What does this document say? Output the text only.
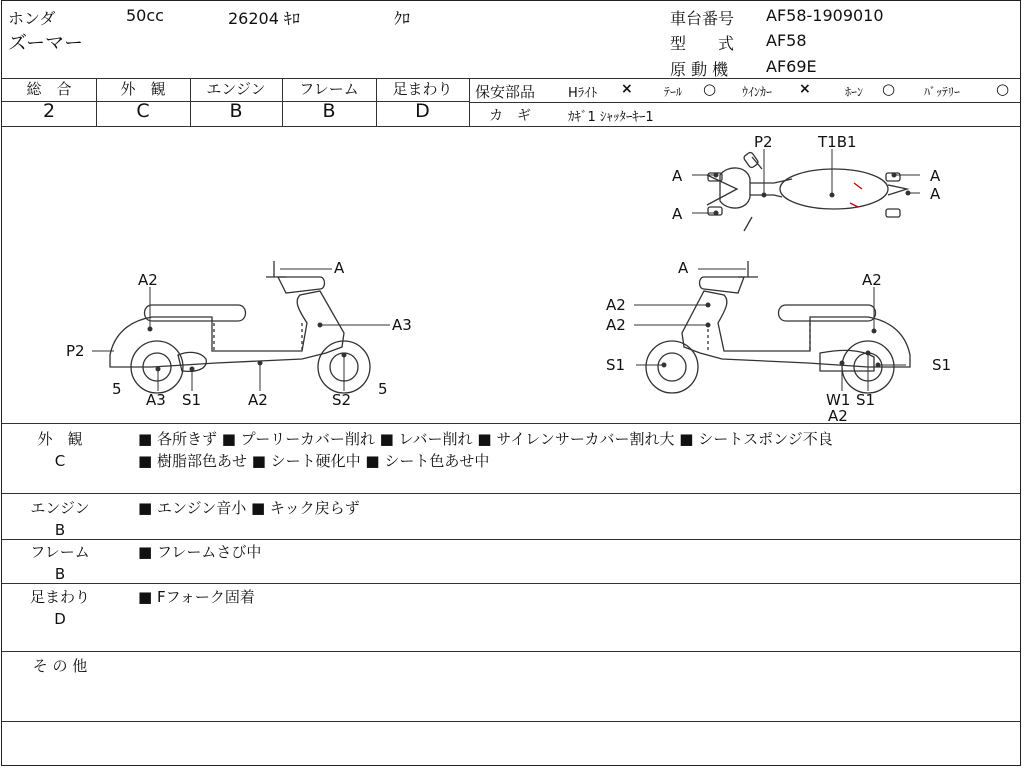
ホンダ	50cc	26204 ｷﾛ	ｸﾛ
ズーマー
車台番号 AF58-1909010
型　　式 AF58
原 動 機 AF69E
総　合
2
外　観
C
エンジン
B
フレーム
B
足まわり
D
保安部品	Hﾗｲﾄ ×	ﾃｰﾙ ○ ｳｲﾝｶｰ ×	ﾎｰﾝ ○ ﾊﾞｯﾃﾘｰ ○
カ　ギ	ｶｷﾞ1 ｼｬｯﾀｰｷｰ1
P2	T1B1
A
A
A
A
A
A2
A3
P2
5	5
A3 S1	A2	S2
A
A2
A2
A2
S1	S1
W1 S1
A2
外　観
C
■ 各所きず ■ プーリーカバー削れ ■ レバー削れ ■ サイレンサーカバー割れ大 ■ シートスポンジ不良
■ 樹脂部色あせ ■ シート硬化中 ■ シート色あせ中
エンジン
B
■ エンジン音小 ■ キック戻らず
フレーム
B
■ フレームさび中
足まわり
D
■ Fフォーク固着
そ の 他
